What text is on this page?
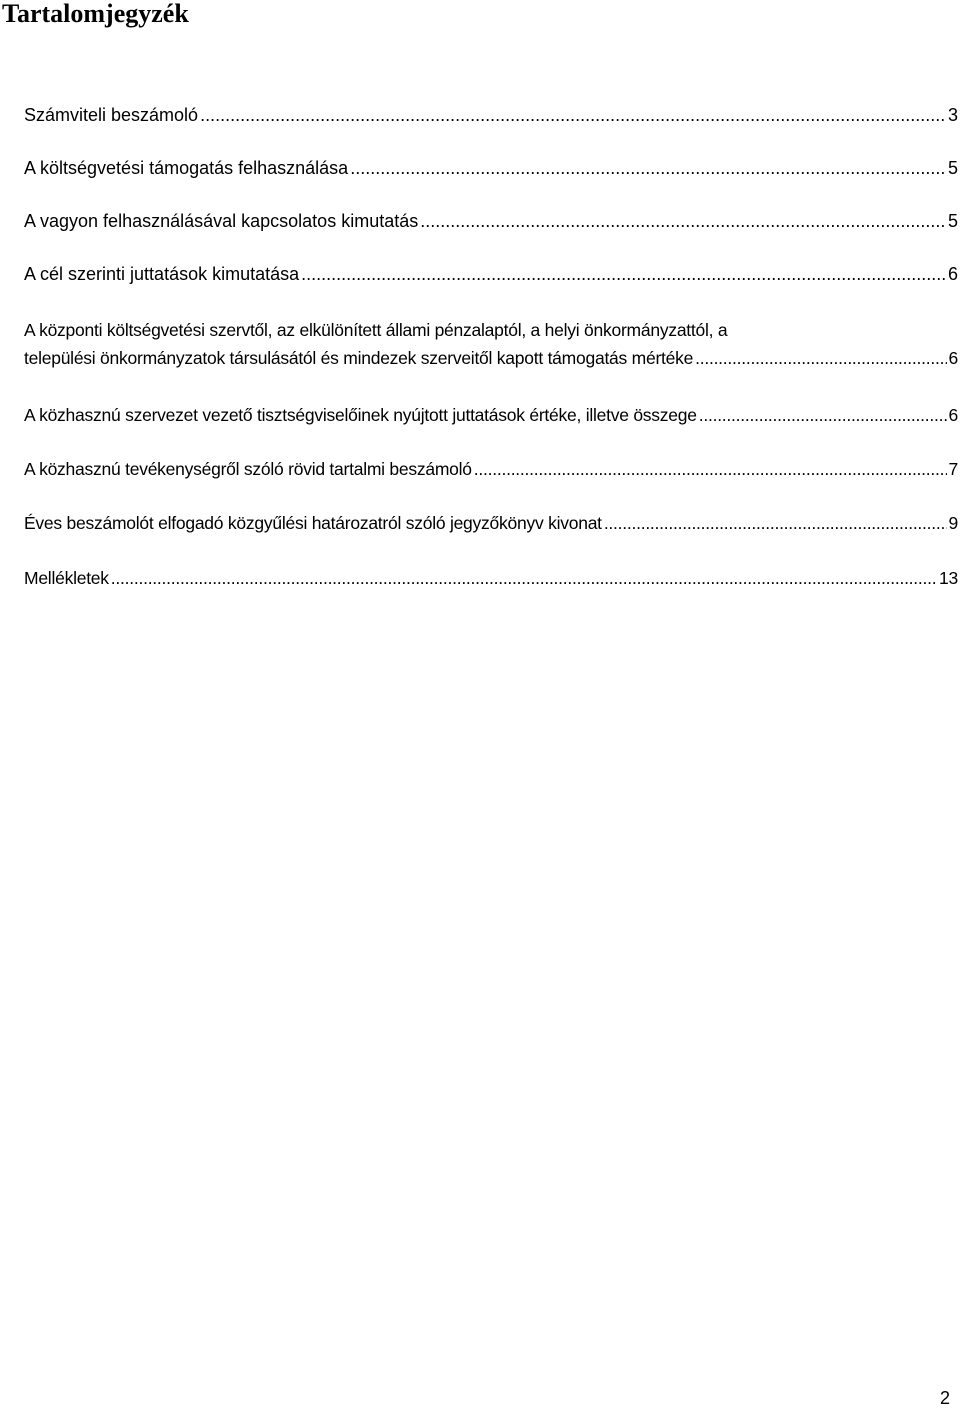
Tartalomjegyzék
Számviteli beszámoló .....	3
A költségvetési támogatás felhasználása .....	5
A vagyon felhasználásával kapcsolatos kimutatás .....	5
A cél szerinti juttatások kimutatása .....	6
A központi költségvetési szervtől, az elkülönített állami pénzalaptól, a helyi önkormányzattól, a
települési önkormányzatok társulásától és mindezek szerveitől kapott támogatás mértéke .....	6
A közhasznú szervezet vezető tisztségviselőinek nyújtott juttatások értéke, illetve összege .....	6
A közhasznú tevékenységről szóló rövid tartalmi beszámoló .....	7
Éves beszámolót elfogadó közgyűlési határozatról szóló jegyzőkönyv kivonat .....	9
Mellékletek .....	13
2
